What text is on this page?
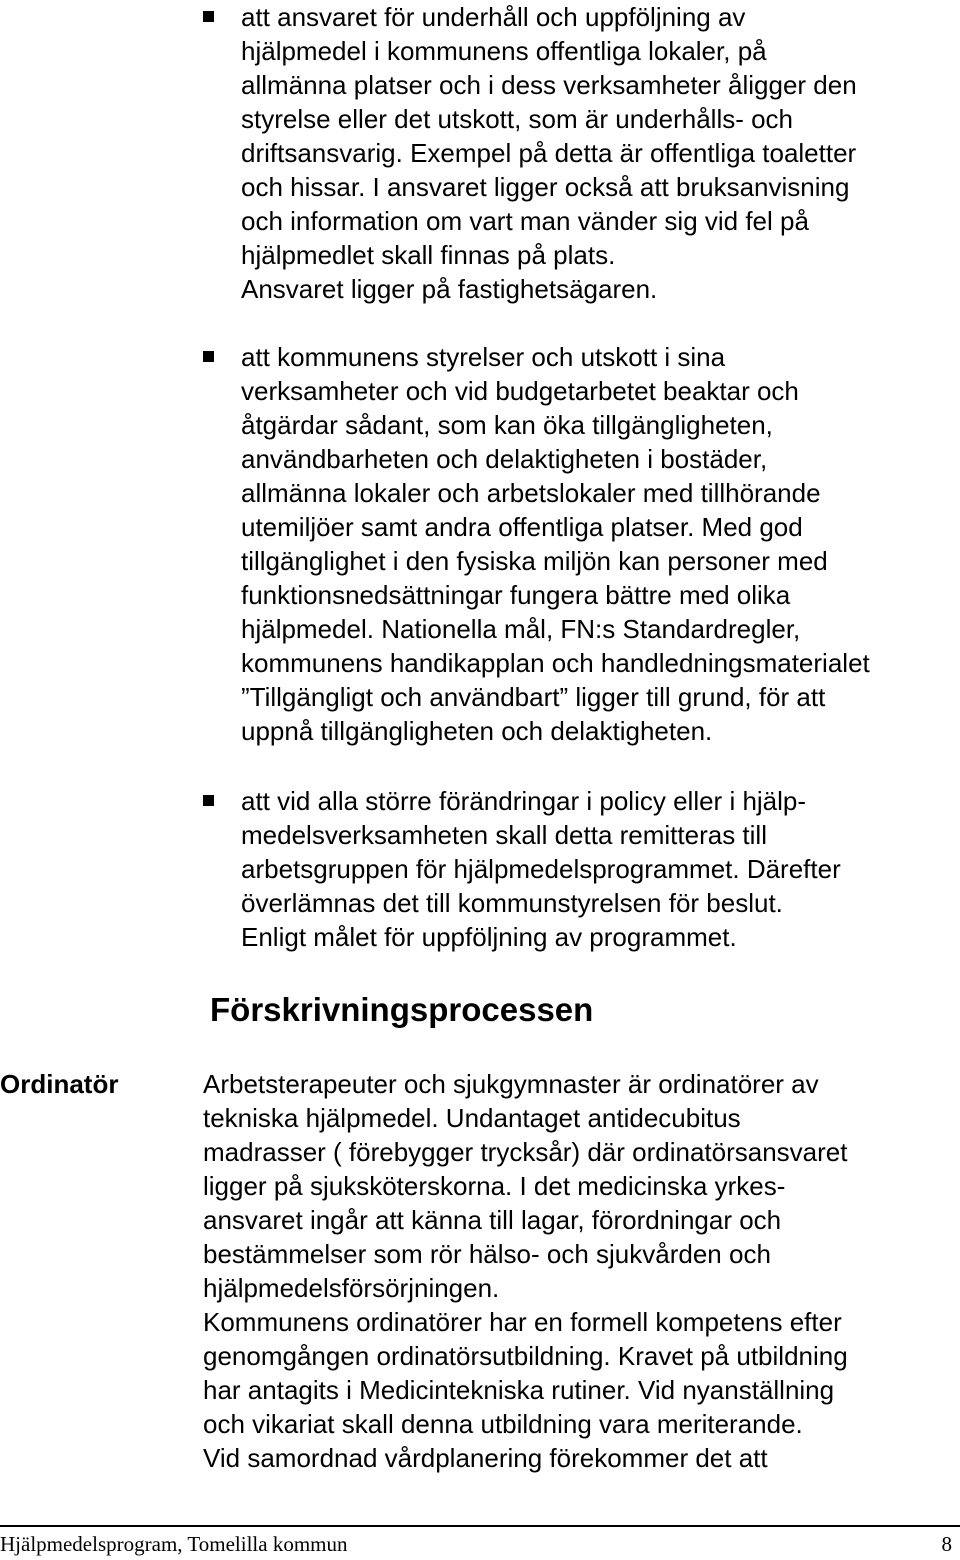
att ansvaret för underhåll och uppföljning av

hjälpmedel i kommunens offentliga lokaler, på

allmänna platser och i dess verksamheter åligger den

styrelse eller det utskott, som är underhålls- och

driftsansvarig. Exempel på detta är offentliga toaletter

och hissar. I ansvaret ligger också att bruksanvisning

och information om vart man vänder sig vid fel på

hjälpmedlet skall finnas på plats.

Ansvaret ligger på fastighetsägaren.

att kommunens styrelser och utskott i sina

verksamheter och vid budgetarbetet beaktar och

åtgärdar sådant, som kan öka tillgängligheten,

användbarheten och delaktigheten i bostäder,

allmänna lokaler och arbetslokaler med tillhörande

utemiljöer samt andra offentliga platser. Med god

tillgänglighet i den fysiska miljön kan personer med

funktionsnedsättningar fungera bättre med olika

hjälpmedel. Nationella mål, FN:s Standardregler,

kommunens handikapplan och handledningsmaterialet

”Tillgängligt och användbart” ligger till grund, för att

uppnå tillgängligheten och delaktigheten.

att vid alla större förändringar i policy eller i hjälp-

medelsverksamheten skall detta remitteras till

arbetsgruppen för hjälpmedelsprogrammet. Därefter

överlämnas det till kommunstyrelsen för beslut.

Enligt målet för uppföljning av programmet.

Förskrivningsprocessen

Ordinatör	Arbetsterapeuter och sjukgymnaster är ordinatörer av

tekniska hjälpmedel. Undantaget antidecubitus

madrasser ( förebygger trycksår) där ordinatörsansvaret

ligger på sjuksköterskorna. I det medicinska yrkes-

ansvaret ingår att känna till lagar, förordningar och

bestämmelser som rör hälso- och sjukvården och

hjälpmedelsförsörjningen.

Kommunens ordinatörer har en formell kompetens efter

genomgången ordinatörsutbildning. Kravet på utbildning

har antagits i Medicintekniska rutiner. Vid nyanställning

och vikariat skall denna utbildning vara meriterande.

Vid samordnad vårdplanering förekommer det att

Hjälpmedelsprogram, Tomelilla kommun	8
